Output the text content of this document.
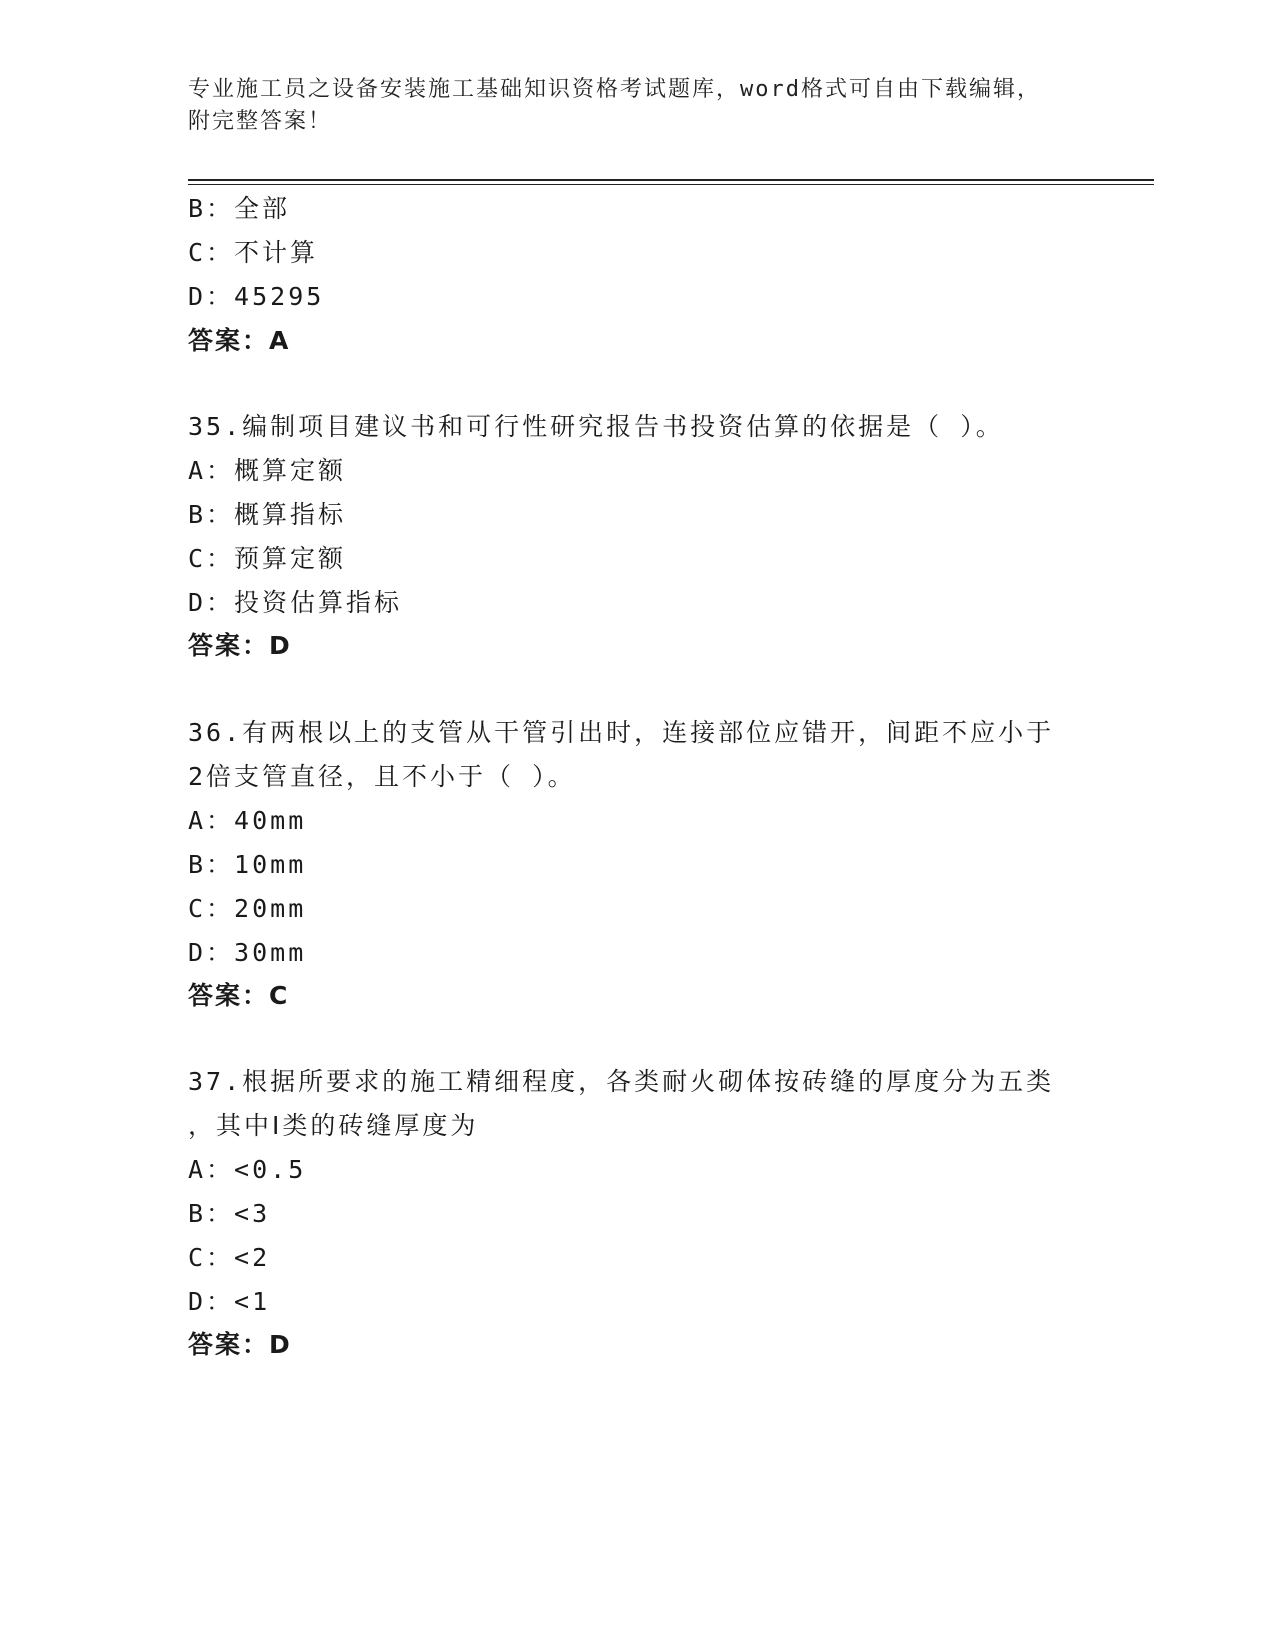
专业施工员之设备安装施工基础知识资格考试题库，word格式可自由下载编辑，
附完整答案！
B：全部
C：不计算
D：45295
答案：A
35.编制项目建议书和可行性研究报告书投资估算的依据是（ ）。
A：概算定额
B：概算指标
C：预算定额
D：投资估算指标
答案：D
36.有两根以上的支管从干管引出时，连接部位应错开，间距不应小于
2倍支管直径，且不小于（ ）。
A：40mm
B：10mm
C：20mm
D：30mm
答案：C
37.根据所要求的施工精细程度，各类耐火砌体按砖缝的厚度分为五类
，其中Ⅰ类的砖缝厚度为
A：<0.5
B：<3
C：<2
D：<1
答案：D
